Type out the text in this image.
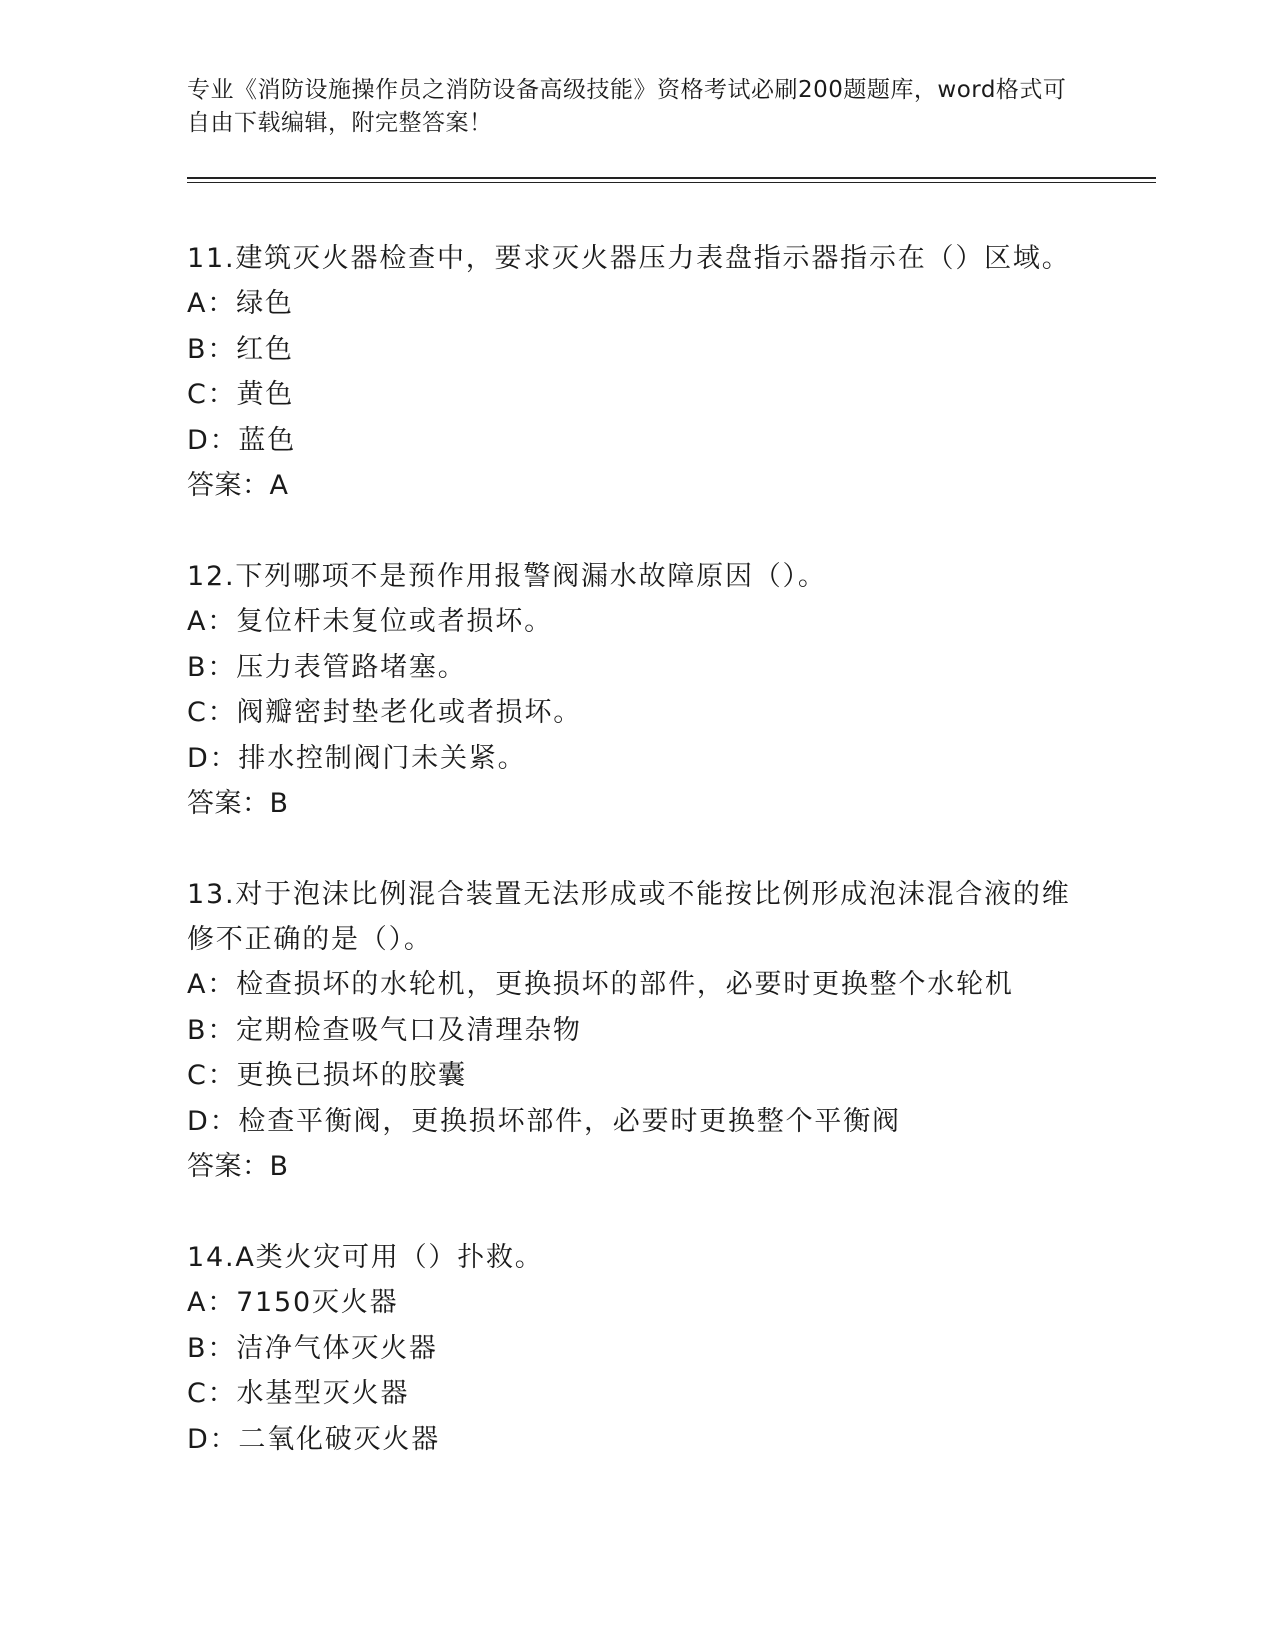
专业《消防设施操作员之消防设备高级技能》资格考试必刷200题题库，word格式可自由下载编辑，附完整答案！
11.建筑灭火器检查中，要求灭火器压力表盘指示器指示在（）区域。
A：绿色
B：红色
C：黄色
D：蓝色
答案：A
12.下列哪项不是预作用报警阀漏水故障原因（）。
A：复位杆未复位或者损坏。
B：压力表管路堵塞。
C：阀瓣密封垫老化或者损坏。
D：排水控制阀门未关紧。
答案：B
13.对于泡沫比例混合装置无法形成或不能按比例形成泡沫混合液的维修不正确的是（）。
A：检查损坏的水轮机，更换损坏的部件，必要时更换整个水轮机
B：定期检查吸气口及清理杂物
C：更换已损坏的胶囊
D：检查平衡阀，更换损坏部件，必要时更换整个平衡阀
答案：B
14.A类火灾可用（）扑救。
A：7150灭火器
B：洁净气体灭火器
C：水基型灭火器
D：二氧化破灭火器
